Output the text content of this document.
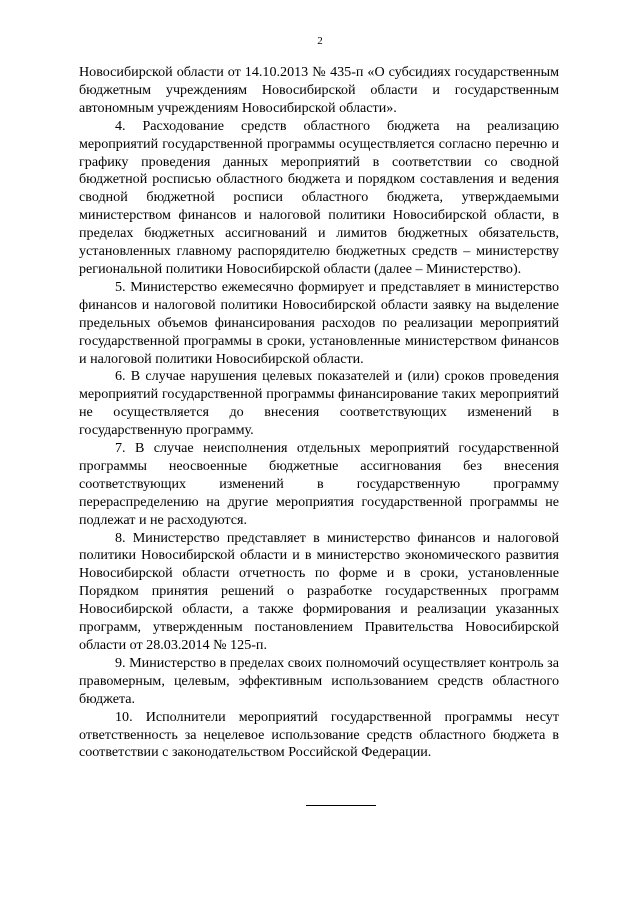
2

Новосибирской области от 14.10.2013 № 435-п «О субсидиях государственным бюджетным учреждениям Новосибирской области и государственным автономным учреждениям Новосибирской области».

4. Расходование средств областного бюджета на реализацию мероприятий государственной программы осуществляется согласно перечню и графику проведения данных мероприятий в соответствии со сводной бюджетной росписью областного бюджета и порядком составления и ведения сводной бюджетной росписи областного бюджета, утверждаемыми министерством финансов и налоговой политики Новосибирской области, в пределах бюджетных ассигнований и лимитов бюджетных обязательств, установленных главному распорядителю бюджетных средств – министерству региональной политики Новосибирской области (далее – Министерство).

5. Министерство ежемесячно формирует и представляет в министерство финансов и налоговой политики Новосибирской области заявку на выделение предельных объемов финансирования расходов по реализации мероприятий государственной программы в сроки, установленные министерством финансов и налоговой политики Новосибирской области.

6. В случае нарушения целевых показателей и (или) сроков проведения мероприятий государственной программы финансирование таких мероприятий не осуществляется до внесения соответствующих изменений в государственную программу.

7. В случае неисполнения отдельных мероприятий государственной программы неосвоенные бюджетные ассигнования без внесения соответствующих изменений в государственную программу перераспределению на другие мероприятия государственной программы не подлежат и не расходуются.

8. Министерство представляет в министерство финансов и налоговой политики Новосибирской области и в министерство экономического развития Новосибирской области отчетность по форме и в сроки, установленные Порядком принятия решений о разработке государственных программ Новосибирской области, а также формирования и реализации указанных программ, утвержденным постановлением Правительства Новосибирской области от 28.03.2014 № 125-п.

9. Министерство в пределах своих полномочий осуществляет контроль за правомерным, целевым, эффективным использованием средств областного бюджета.

10. Исполнители мероприятий государственной программы несут ответственность за нецелевое использование средств областного бюджета в соответствии с законодательством Российской Федерации.
